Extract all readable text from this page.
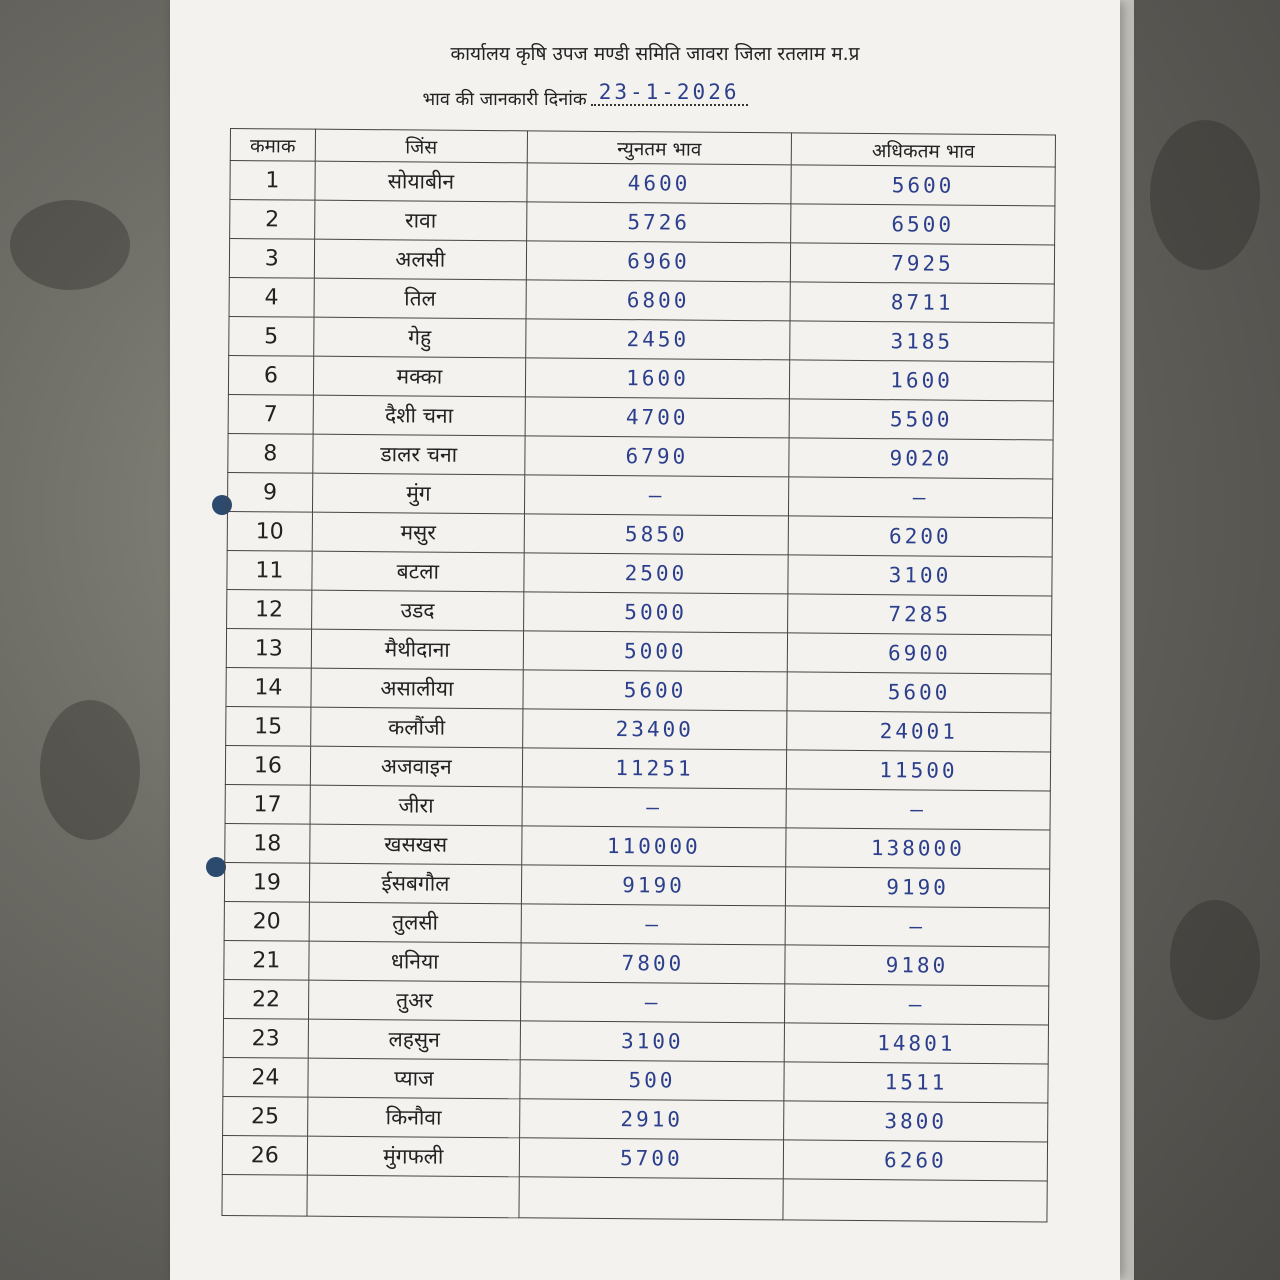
कार्यालय कृषि उपज मण्डी समिति जावरा जिला रतलाम म.प्र
भाव की जानकारी दिनांक 23-1-2026
कमाक	जिंस	न्युनतम भाव	अधिकतम भाव
1	सोयाबीन	4600	5600
2	रावा	5726	6500
3	अलसी	6960	7925
4	तिल	6800	8711
5	गेहु	2450	3185
6	मक्का	1600	1600
7	दैशी चना	4700	5500
8	डालर चना	6790	9020
9	मुंग	—	—
10	मसुर	5850	6200
11	बटला	2500	3100
12	उडद	5000	7285
13	मैथीदाना	5000	6900
14	असालीया	5600	5600
15	कलौंजी	23400	24001
16	अजवाइन	11251	11500
17	जीरा	—	—
18	खसखस	110000	138000
19	ईसबगौल	9190	9190
20	तुलसी	—	—
21	धनिया	7800	9180
22	तुअर	—	—
23	लहसुन	3100	14801
24	प्याज	500	1511
25	किनौवा	2910	3800
26	मुंगफली	5700	6260
